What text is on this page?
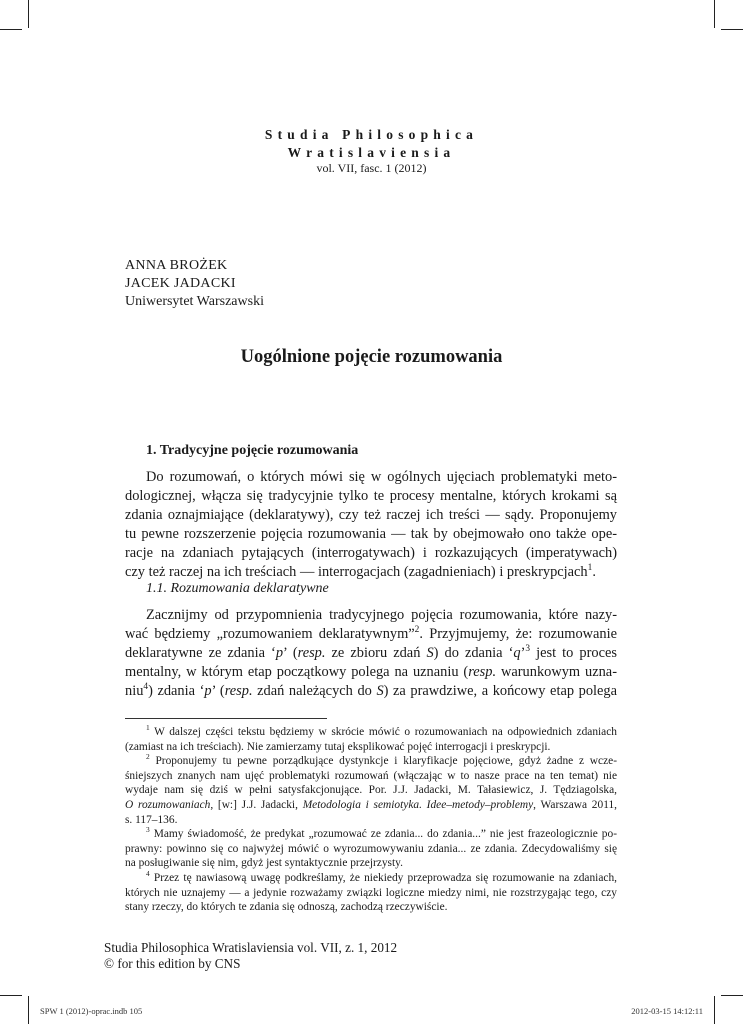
Studia Philosophica
Wratislaviensia
vol. VII, fasc. 1 (2012)
ANNA BROŻEK
JACEK JADACKI
Uniwersytet Warszawski
Uogólnione pojęcie rozumowania
1. Tradycyjne pojęcie rozumowania
Do rozumowań, o których mówi się w ogólnych ujęciach problematyki meto-
dologicznej, włącza się tradycyjnie tylko te procesy mentalne, których krokami są
zdania oznajmiające (deklaratywy), czy też raczej ich treści — sądy. Proponujemy
tu pewne rozszerzenie pojęcia rozumowania — tak by obejmowało ono także ope-
racje na zdaniach pytających (interrogatywach) i rozkazujących (imperatywach)
czy też raczej na ich treściach — interrogacjach (zagadnieniach) i preskrypcjach$^1$.
1.1. Rozumowania deklaratywne
Zacznijmy od przypomnienia tradycyjnego pojęcia rozumowania, które nazy-
wać będziemy „rozumowaniem deklaratywnym”$^2$. Przyjmujemy, że: rozumowanie
deklaratywne ze zdania ‘p’ (resp. ze zbioru zdań S) do zdania ‘q’$^3$ jest to proces
mentalny, w którym etap początkowy polega na uznaniu (resp. warunkowym uzna-
niu$^4$) zdania ‘p’ (resp. zdań należących do S) za prawdziwe, a końcowy etap polega
$^1$ W dalszej części tekstu będziemy w skrócie mówić o rozumowaniach na odpowiednich zdaniach
(zamiast na ich treściach). Nie zamierzamy tutaj eksplikować pojęć interrogacji i preskrypcji.
$^2$ Proponujemy tu pewne porządkujące dystynkcje i klaryfikacje pojęciowe, gdyż żadne z wcze-
śniejszych znanych nam ujęć problematyki rozumowań (włączając w to nasze prace na ten temat) nie
wydaje nam się dziś w pełni satysfakcjonujące. Por. J.J. Jadacki, M. Tałasiewicz, J. Tędziagolska,
O rozumowaniach, [w:] J.J. Jadacki, Metodologia i semiotyka. Idee–metody–problemy, Warszawa 2011,
s. 117–136.
$^3$ Mamy świadomość, że predykat „rozumować ze zdania... do zdania...” nie jest frazeologicznie po-
prawny: powinno się co najwyżej mówić o wyrozumowywaniu zdania... ze zdania. Zdecydowaliśmy się
na posługiwanie się nim, gdyż jest syntaktycznie przejrzysty.
$^4$ Przez tę nawiasową uwagę podkreślamy, że niekiedy przeprowadza się rozumowanie na zdaniach,
których nie uznajemy — a jedynie rozważamy związki logiczne miedzy nimi, nie rozstrzygając tego, czy
stany rzeczy, do których te zdania się odnoszą, zachodzą rzeczywiście.
Studia Philosophica Wratislaviensia vol. VII, z. 1, 2012
© for this edition by CNS
SPW 1 (2012)-oprac.indb 105	2012-03-15 14:12:11
